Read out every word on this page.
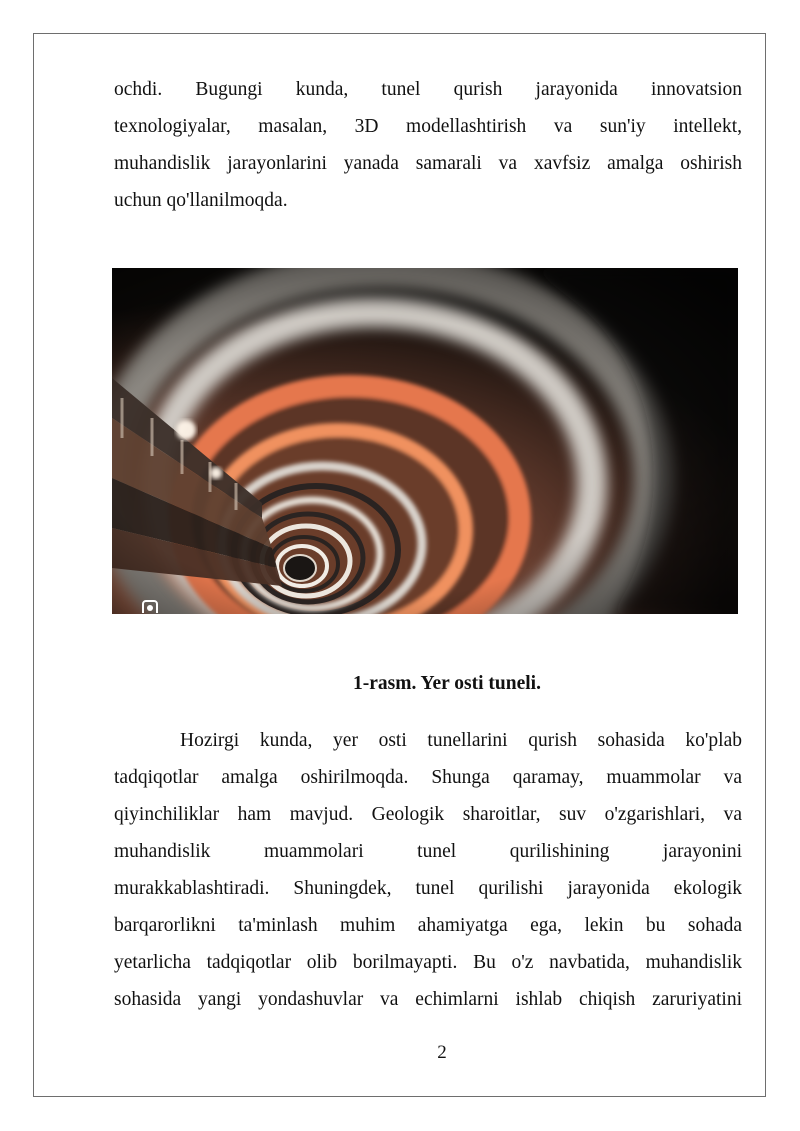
ochdi. Bugungi kunda, tunel qurish jarayonida innovatsion
texnologiyalar, masalan, 3D modellashtirish va sun'iy intellekt,
muhandislik jarayonlarini yanada samarali va xavfsiz amalga oshirish
uchun qo'llanilmoqda.
1-rasm. Yer osti tuneli.
Hozirgi kunda, yer osti tunellarini qurish sohasida ko'plab
tadqiqotlar amalga oshirilmoqda. Shunga qaramay, muammolar va
qiyinchiliklar ham mavjud. Geologik sharoitlar, suv o'zgarishlari, va
muhandislik muammolari tunel qurilishining jarayonini
murakkablashtiradi. Shuningdek, tunel qurilishi jarayonida ekologik
barqarorlikni ta'minlash muhim ahamiyatga ega, lekin bu sohada
yetarlicha tadqiqotlar olib borilmayapti. Bu o'z navbatida, muhandislik
sohasida yangi yondashuvlar va echimlarni ishlab chiqish zaruriyatini
2
